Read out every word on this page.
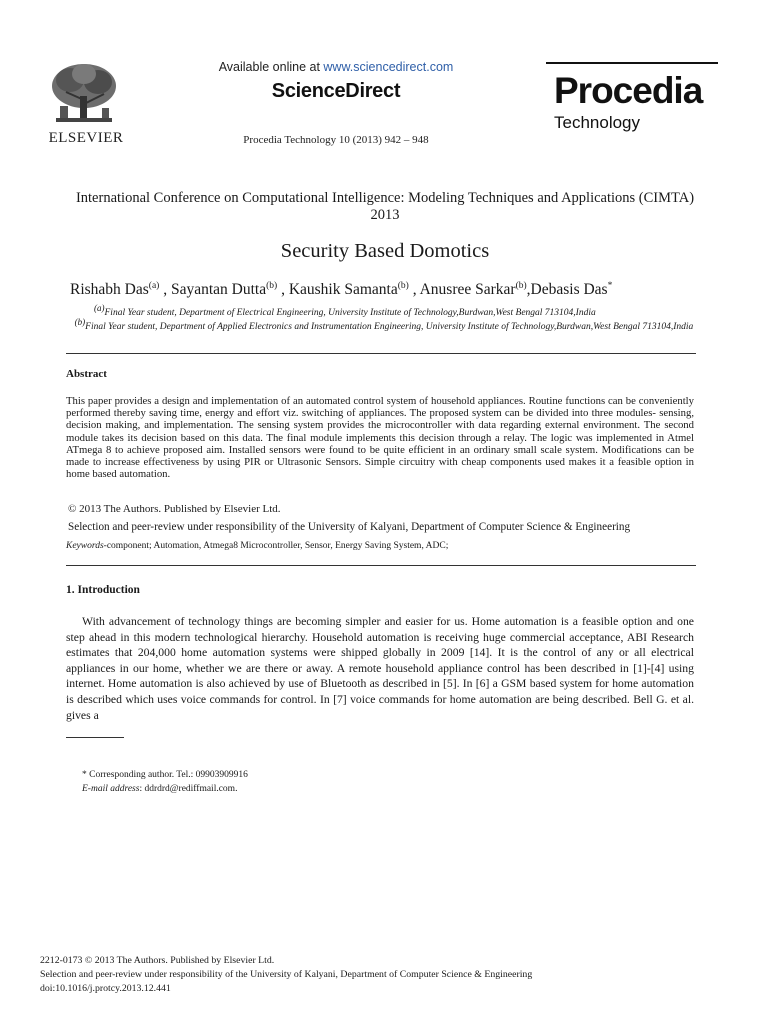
ELSEVIER
Available online at www.sciencedirect.com
ScienceDirect
Procedia Technology 10 (2013) 942 – 948
Procedia
Technology
International Conference on Computational Intelligence: Modeling Techniques and Applications (CIMTA) 2013
Security Based Domotics
Rishabh Das$^{(a)}$ , Sayantan Dutta$^{(b)}$ , Kaushik Samanta$^{(b)}$ , Anusree Sarkar$^{(b)}$,Debasis Das*
$^{(a)}$Final Year student, Department of Electrical Engineering, University Institute of Technology,Burdwan,West Bengal 713104,India
$^{(b)}$Final Year student, Department of Applied Electronics and Instrumentation Engineering, University Institute of Technology,Burdwan,West Bengal 713104,India
Abstract
This paper provides a design and implementation of an automated control system of household appliances. Routine functions can be conveniently performed thereby saving time, energy and effort viz. switching of appliances. The proposed system can be divided into three modules- sensing, decision making, and implementation. The sensing system provides the microcontroller with data regarding external environment. The second module takes its decision based on this data. The final module implements this decision through a relay. The logic was implemented in Atmel ATmega 8 to achieve proposed aim. Installed sensors were found to be quite efficient in an ordinary small scale system. Modifications can be made to increase effectiveness by using PIR or Ultrasonic Sensors. Simple circuitry with cheap components used makes it a feasible option in home based automation.
© 2013 The Authors. Published by Elsevier Ltd.
Selection and peer-review under responsibility of the University of Kalyani, Department of Computer Science & Engineering
Keywords-component; Automation, Atmega8 Microcontroller, Sensor, Energy Saving System, ADC;
1. Introduction
With advancement of technology things are becoming simpler and easier for us. Home automation is a feasible option and one step ahead in this modern technological hierarchy. Household automation is receiving huge commercial acceptance, ABI Research estimates that 204,000 home automation systems were shipped globally in 2009 [14]. It is the control of any or all electrical appliances in our home, whether we are there or away. A remote household appliance control has been described in [1]-[4] using internet. Home automation is also achieved by use of Bluetooth as described in [5]. In [6] a GSM based system for home automation is described which uses voice commands for control. In [7] voice commands for home automation are being described. Bell G. et al. gives a
* Corresponding author. Tel.: 09903909916
E-mail address: ddrdrd@rediffmail.com.
2212-0173 © 2013 The Authors. Published by Elsevier Ltd.
Selection and peer-review under responsibility of the University of Kalyani, Department of Computer Science & Engineering
doi:10.1016/j.protcy.2013.12.441
